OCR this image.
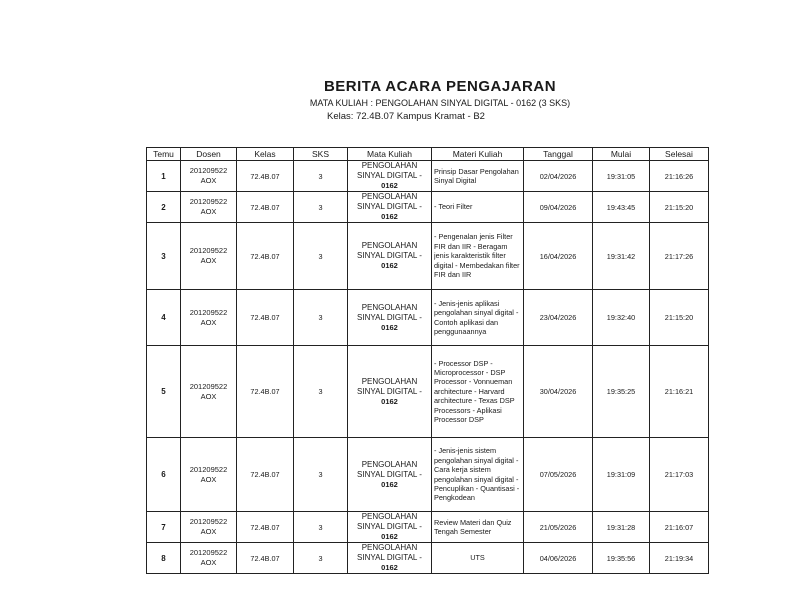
BERITA ACARA PENGAJARAN
MATA KULIAH : PENGOLAHAN SINYAL DIGITAL - 0162 (3 SKS)
Kelas: 72.4B.07 Kampus Kramat - B2
Temu	Dosen	Kelas	SKS	Mata Kuliah	Materi Kuliah	Tanggal	Mulai	Selesai
1	201209522
AOX	72.4B.07	3	PENGOLAHAN SINYAL DIGITAL -
0162	Prinsip Dasar Pengolahan Sinyal Digital	02/04/2026	19:31:05	21:16:26
2	201209522
AOX	72.4B.07	3	PENGOLAHAN SINYAL DIGITAL -
0162	- Teori Filter	09/04/2026	19:43:45	21:15:20
3	201209522
AOX	72.4B.07	3	PENGOLAHAN SINYAL DIGITAL -
0162	- Pengenalan jenis Filter FIR dan IIR - Beragam jenis karakteristik filter digital - Membedakan filter FIR dan IIR	16/04/2026	19:31:42	21:17:26
4	201209522
AOX	72.4B.07	3	PENGOLAHAN SINYAL DIGITAL -
0162	- Jenis-jenis aplikasi pengolahan sinyal digital - Contoh aplikasi dan penggunaannya	23/04/2026	19:32:40	21:15:20
5	201209522
AOX	72.4B.07	3	PENGOLAHAN SINYAL DIGITAL -
0162	- Processor DSP - Microprocessor - DSP Processor - Vonnueman architecture - Harvard architecture - Texas DSP Processors - Aplikasi Processor DSP	30/04/2026	19:35:25	21:16:21
6	201209522
AOX	72.4B.07	3	PENGOLAHAN SINYAL DIGITAL -
0162	- Jenis-jenis sistem pengolahan sinyal digital - Cara kerja sistem pengolahan sinyal digital - Pencuplikan - Quantisasi - Pengkodean	07/05/2026	19:31:09	21:17:03
7	201209522
AOX	72.4B.07	3	PENGOLAHAN SINYAL DIGITAL -
0162	Review Materi dan Quiz Tengah Semester	21/05/2026	19:31:28	21:16:07
8	201209522
AOX	72.4B.07	3	PENGOLAHAN SINYAL DIGITAL -
0162	UTS	04/06/2026	19:35:56	21:19:34
